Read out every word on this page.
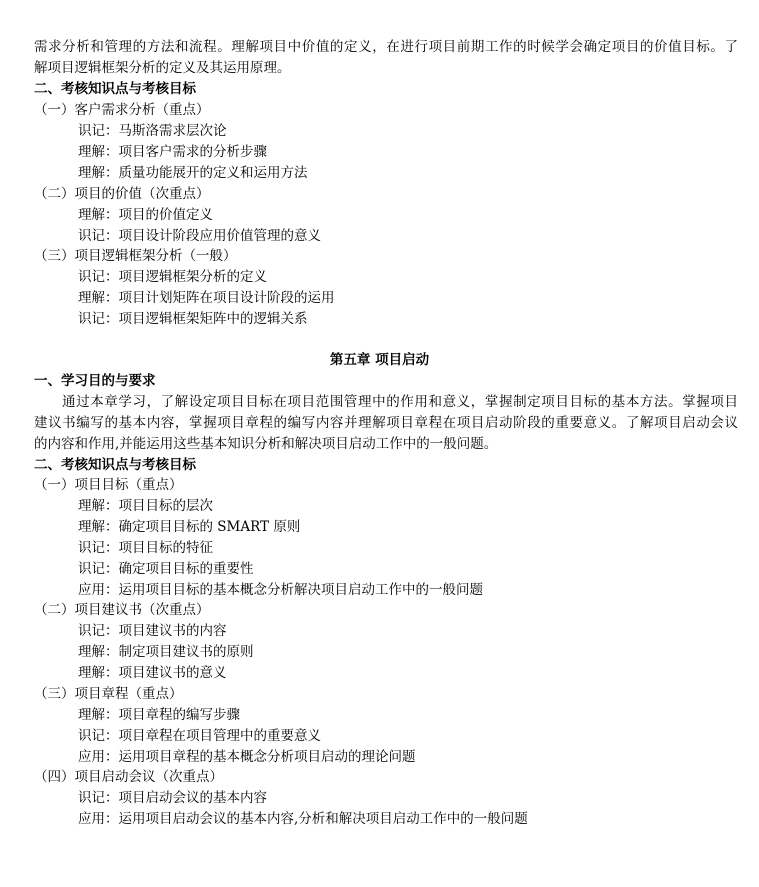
需求分析和管理的方法和流程。理解项目中价值的定义，在进行项目前期工作的时候学会确定项目的价值目标。了
解项目逻辑框架分析的定义及其运用原理。
二、考核知识点与考核目标
（一）客户需求分析（重点）
识记：马斯洛需求层次论
理解：项目客户需求的分析步骤
理解：质量功能展开的定义和运用方法
（二）项目的价值（次重点）
理解：项目的价值定义
识记：项目设计阶段应用价值管理的意义
（三）项目逻辑框架分析（一般）
识记：项目逻辑框架分析的定义
理解：项目计划矩阵在项目设计阶段的运用
识记：项目逻辑框架矩阵中的逻辑关系
第五章 项目启动
一、学习目的与要求
通过本章学习，了解设定项目目标在项目范围管理中的作用和意义，掌握制定项目目标的基本方法。掌握项目
建议书编写的基本内容，掌握项目章程的编写内容并理解项目章程在项目启动阶段的重要意义。了解项目启动会议
的内容和作用,并能运用这些基本知识分析和解决项目启动工作中的一般问题。
二、考核知识点与考核目标
（一）项目目标（重点）
理解：项目目标的层次
理解：确定项目目标的 SMART 原则
识记：项目目标的特征
识记：确定项目目标的重要性
应用：运用项目目标的基本概念分析解决项目启动工作中的一般问题
（二）项目建议书（次重点）
识记：项目建议书的内容
理解：制定项目建议书的原则
理解：项目建议书的意义
（三）项目章程（重点）
理解：项目章程的编写步骤
识记：项目章程在项目管理中的重要意义
应用：运用项目章程的基本概念分析项目启动的理论问题
（四）项目启动会议（次重点）
识记：项目启动会议的基本内容
应用：运用项目启动会议的基本内容,分析和解决项目启动工作中的一般问题
